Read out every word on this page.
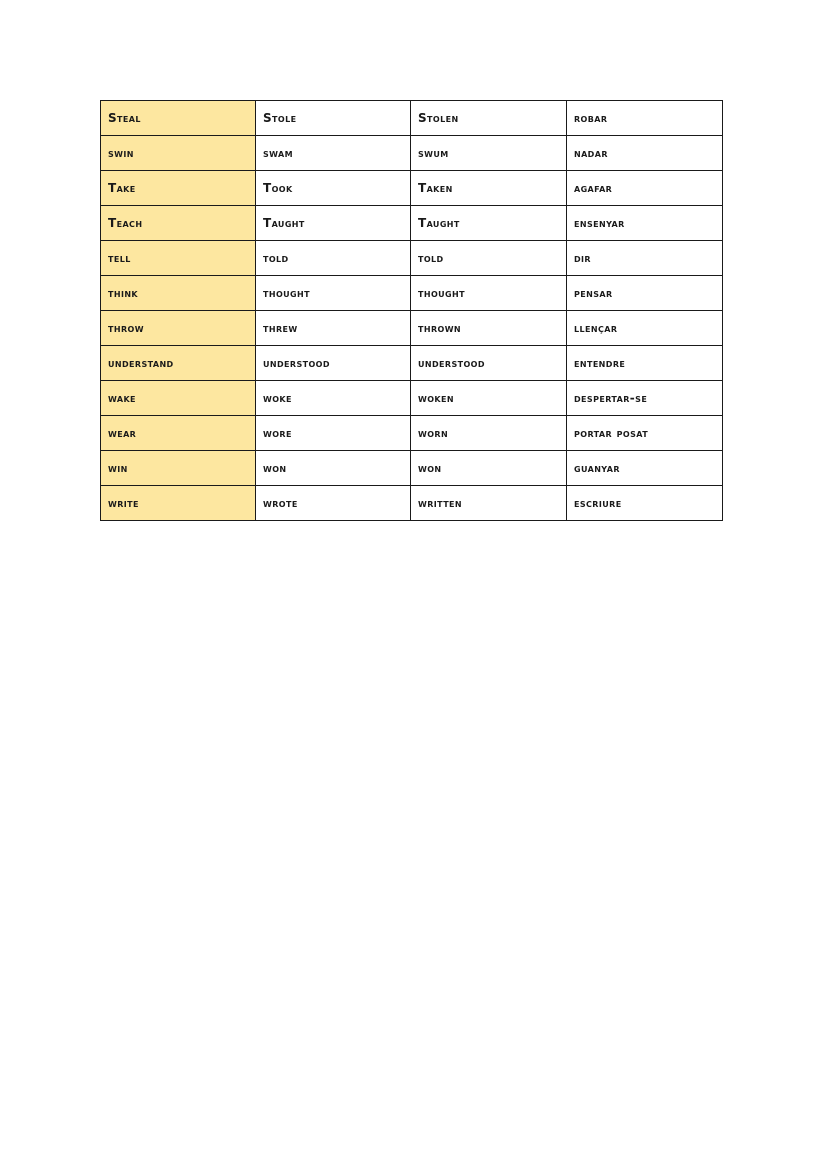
Steal	Stole	Stolen	robar
swin	swam	swum	nadar
Take	Took	Taken	agafar
Teach	Taught	Taught	ensenyar
tell	told	told	dir
think	thought	thought	pensar
throw	threw	thrown	llençar
understand	understood	understood	entendre
wake	woke	woken	despertar-se
wear	wore	worn	portar posat
win	won	won	guanyar
write	wrote	written	escriure
